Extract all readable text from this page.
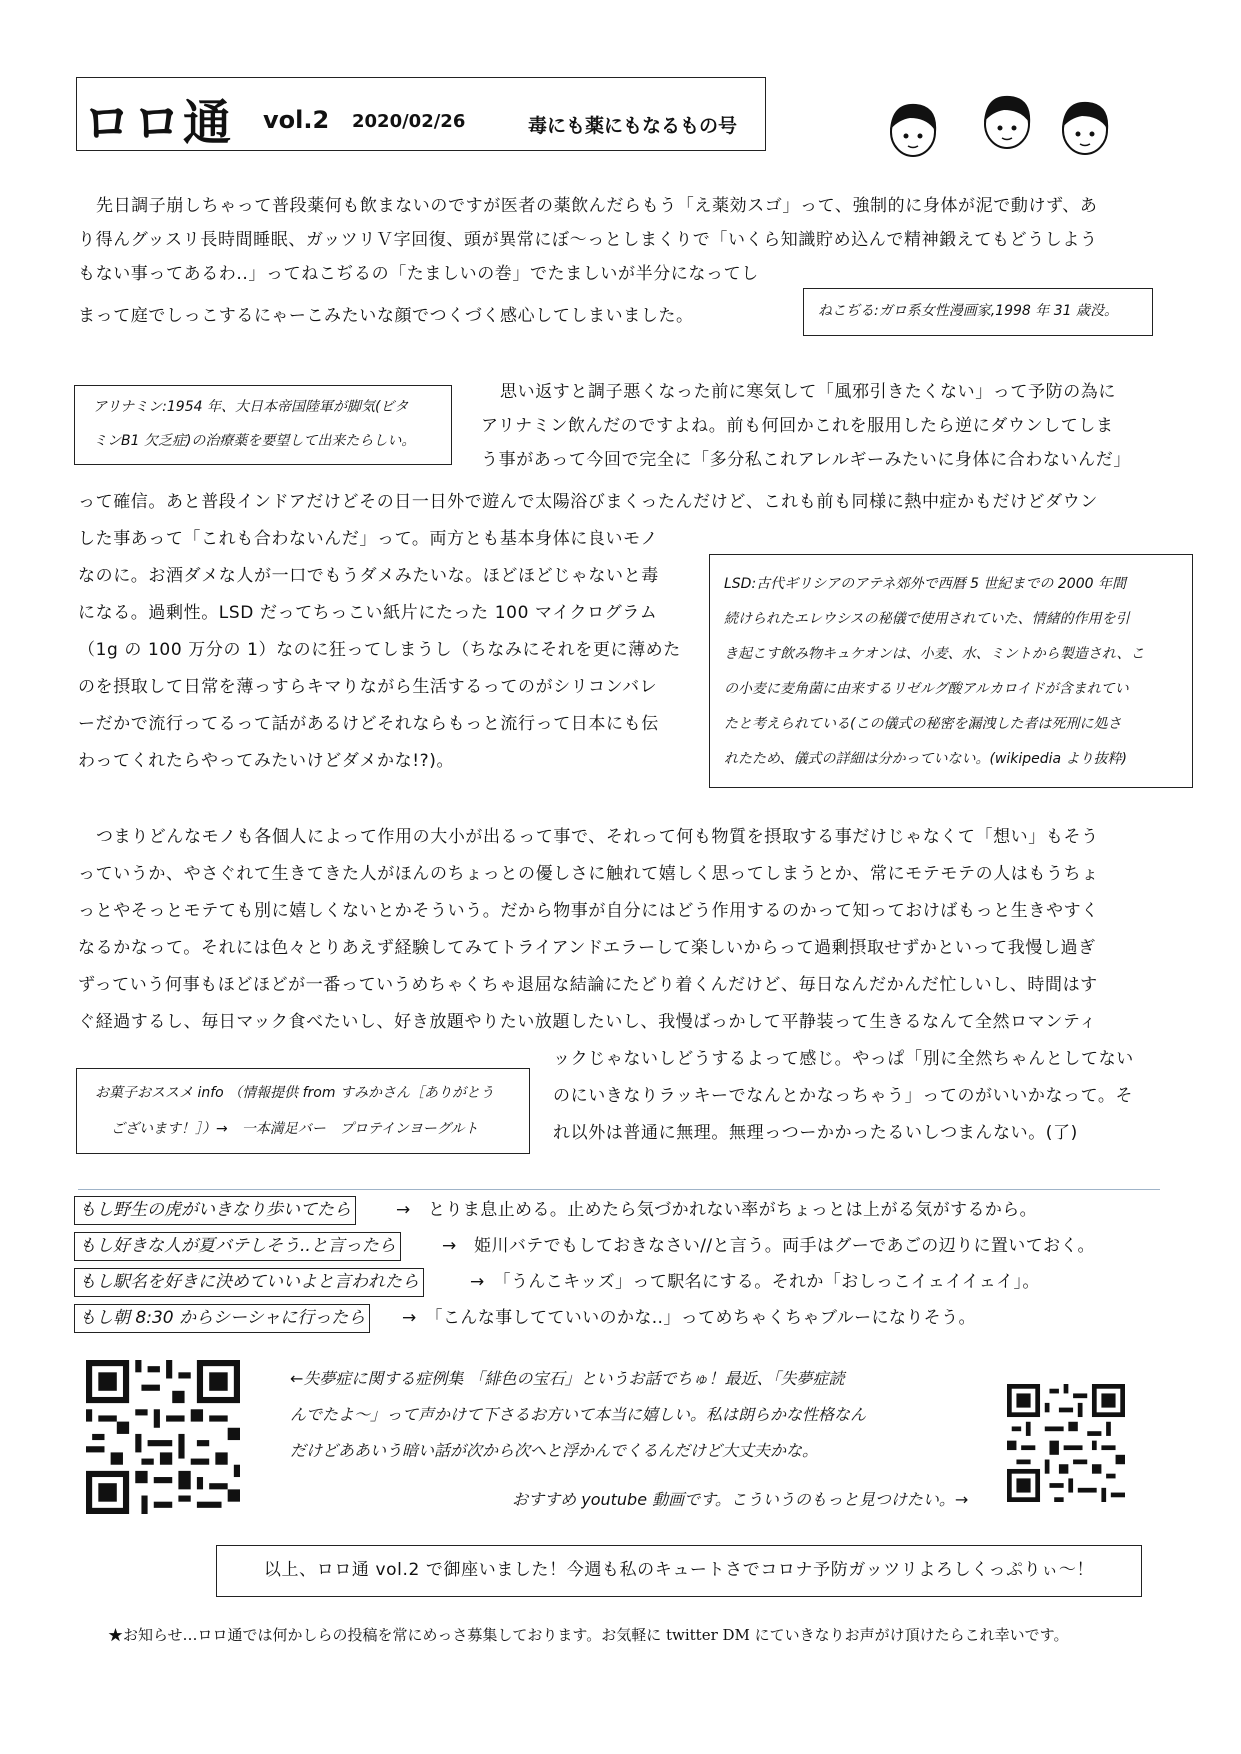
ロロ通 vol.2 2020/02/26	毒にも薬にもなるもの号
先日調子崩しちゃって普段薬何も飲まないのですが医者の薬飲んだらもう「え薬効スゴ」って、強制的に身体が泥で動けず、あ
り得んグッスリ長時間睡眠、ガッツリＶ字回復、頭が異常にぼ〜っとしまくりで「いくら知識貯め込んで精神鍛えてもどうしよう
もない事ってあるわ..」ってねこぢるの「たましいの巻」でたましいが半分になってし
まって庭でしっこするにゃーこみたいな顔でつくづく感心してしまいました。	ねこぢる:ガロ系女性漫画家,1998 年 31 歳没。
アリナミン:1954 年、大日本帝国陸軍が脚気(ビタ
ミンB1 欠乏症)の治療薬を要望して出来たらしい。
思い返すと調子悪くなった前に寒気して「風邪引きたくない」って予防の為に
アリナミン飲んだのですよね。前も何回かこれを服用したら逆にダウンしてしま
う事があって今回で完全に「多分私これアレルギーみたいに身体に合わないんだ」
って確信。あと普段インドアだけどその日一日外で遊んで太陽浴びまくったんだけど、これも前も同様に熱中症かもだけどダウン
した事あって「これも合わないんだ」って。両方とも基本身体に良いモノ
なのに。お酒ダメな人が一口でもうダメみたいな。ほどほどじゃないと毒
になる。過剰性。LSD だってちっこい紙片にたった 100 マイクログラム
（1g の 100 万分の 1）なのに狂ってしまうし（ちなみにそれを更に薄めた
のを摂取して日常を薄っすらキマりながら生活するってのがシリコンバレ
ーだかで流行ってるって話があるけどそれならもっと流行って日本にも伝
わってくれたらやってみたいけどダメかな!?)。
LSD:古代ギリシアのアテネ郊外で西暦 5 世紀までの 2000 年間
続けられたエレウシスの秘儀で使用されていた、情緒的作用を引
き起こす飲み物キュケオンは、小麦、水、ミントから製造され、こ
の小麦に麦角菌に由来するリゼルグ酸アルカロイドが含まれてい
たと考えられている(この儀式の秘密を漏洩した者は死刑に処さ
れたため、儀式の詳細は分かっていない。(wikipedia より抜粋)
つまりどんなモノも各個人によって作用の大小が出るって事で、それって何も物質を摂取する事だけじゃなくて「想い」もそう
っていうか、やさぐれて生きてきた人がほんのちょっとの優しさに触れて嬉しく思ってしまうとか、常にモテモテの人はもうちょ
っとやそっとモテても別に嬉しくないとかそういう。だから物事が自分にはどう作用するのかって知っておけばもっと生きやすく
なるかなって。それには色々とりあえず経験してみてトライアンドエラーして楽しいからって過剰摂取せずかといって我慢し過ぎ
ずっていう何事もほどほどが一番っていうめちゃくちゃ退屈な結論にたどり着くんだけど、毎日なんだかんだ忙しいし、時間はす
ぐ経過するし、毎日マック食べたいし、好き放題やりたい放題したいし、我慢ばっかして平静装って生きるなんて全然ロマンティ
ックじゃないしどうするよって感じ。やっぱ「別に全然ちゃんとしてない
のにいきなりラッキーでなんとかなっちゃう」ってのがいいかなって。そ
れ以外は普通に無理。無理っつーかかったるいしつまんない。(了)
お菓子おススメ info （情報提供 from すみかさん［ありがとう
ございます！］）→　一本満足バー　プロテインヨーグルト
もし野生の虎がいきなり歩いてたら	→　とりま息止める。止めたら気づかれない率がちょっとは上がる気がするから。
もし好きな人が夏バテしそう..と言ったら	→　姫川バテでもしておきなさい//と言う。両手はグーであごの辺りに置いておく。
もし駅名を好きに決めていいよと言われたら	→　「うんこキッズ」って駅名にする。それか「おしっこイェイイェイ」。
もし朝 8:30 からシーシャに行ったら →　「こんな事してていいのかな..」ってめちゃくちゃブルーになりそう。
←失夢症に関する症例集 「緋色の宝石」というお話でちゅ！最近、「失夢症読
んでたよ〜」って声かけて下さるお方いて本当に嬉しい。私は朗らかな性格なん
だけどああいう暗い話が次から次へと浮かんでくるんだけど大丈夫かな。
おすすめ youtube 動画です。こういうのもっと見つけたい。→
以上、ロロ通 vol.2 で御座いました！今週も私のキュートさでコロナ予防ガッツリよろしくっぷりぃ〜！
★お知らせ…ロロ通では何かしらの投稿を常にめっさ募集しております。お気軽に twitter DM にていきなりお声がけ頂けたらこれ幸いです。
